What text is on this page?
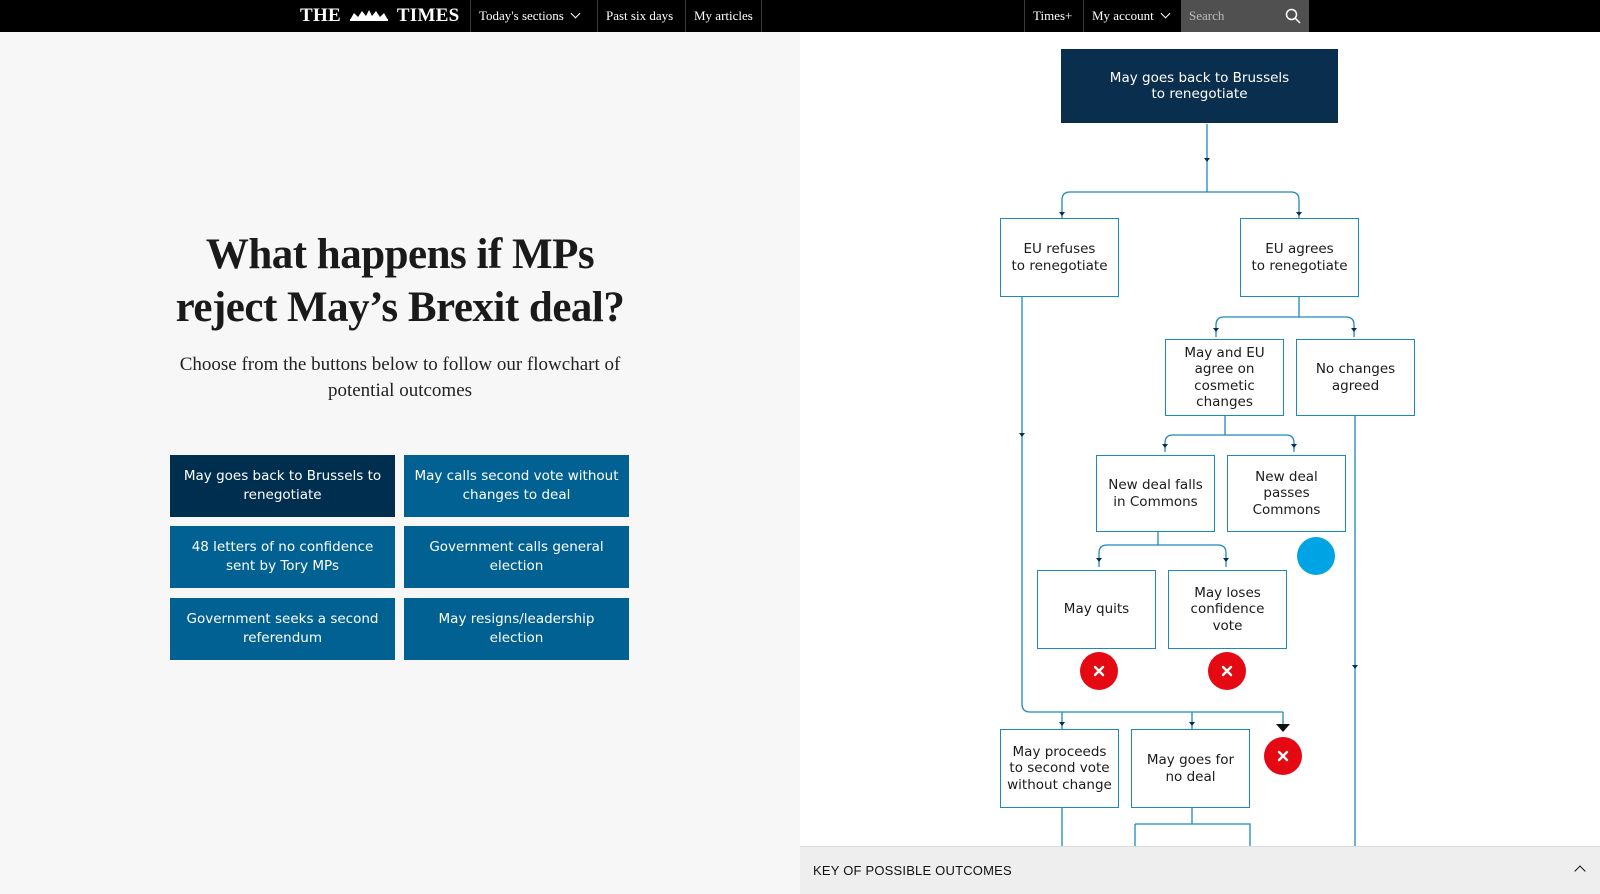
THE	TIMES	Today's sections	Past six days	My articles	Times+	My account
Search
What happens if MPs
reject May’s Brexit deal?

Choose from the buttons below to follow our flowchart of potential outcomes

May goes back to Brussels to renegotiate
May calls second vote without changes to deal
48 letters of no confidence sent by Tory MPs
Government calls general election
Government seeks a second referendum
May resigns/leadership election
May goes back to Brussels
to renegotiate
EU refuses
to renegotiate
EU agrees
to renegotiate
May and EU
agree on
cosmetic
changes
No changes
agreed
New deal falls
in Commons
New deal passes
Commons
May quits
May loses
confidence vote
May proceeds
to second vote
without change
May goes for
no deal
KEY OF POSSIBLE OUTCOMES
